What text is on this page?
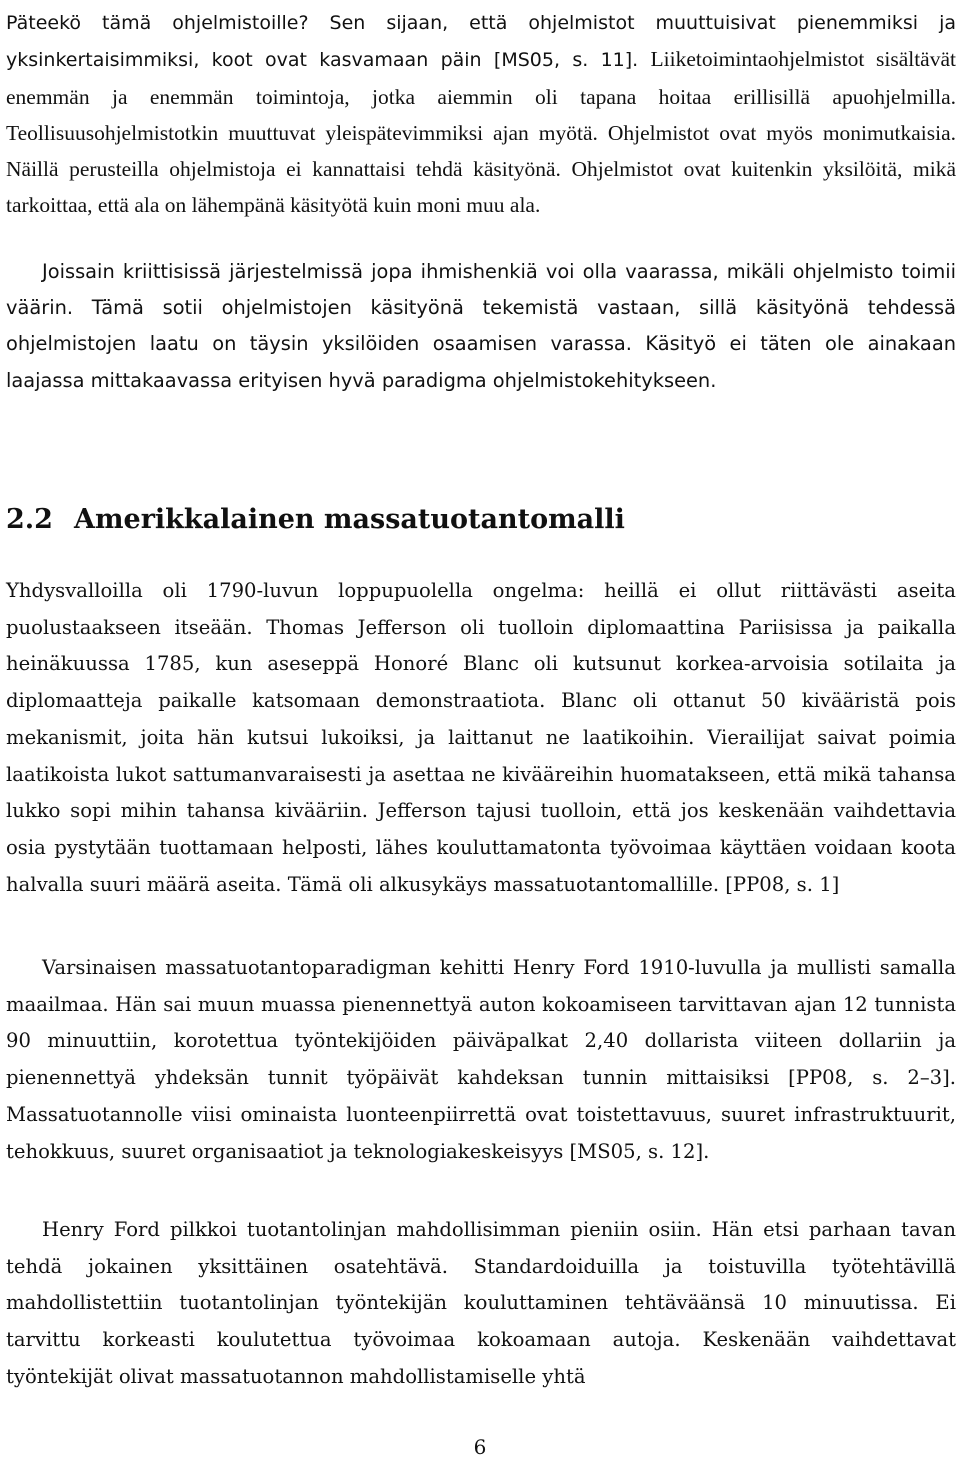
Päteekö tämä ohjelmistoille? Sen sijaan, että ohjelmistot muuttuisivat pienemmiksi ja yksinkertaisimmiksi, koot ovat kasvamaan päin [MS05, s. 11]. Liiketoimintaohjelmistot sisältävät enemmän ja enemmän toimintoja, jotka aiemmin oli tapana hoitaa erillisillä apuohjelmilla. Teollisuusohjelmistotkin muuttuvat yleispätevimmiksi ajan myötä. Ohjelmistot ovat myös monimutkaisia. Näillä perusteilla ohjelmistoja ei kannattaisi tehdä käsityönä. Ohjelmistot ovat kuitenkin yksilöitä, mikä tarkoittaa, että ala on lähempänä käsityötä kuin moni muu ala.

Joissain kriittisissä järjestelmissä jopa ihmishenkiä voi olla vaarassa, mikäli ohjelmisto toimii väärin. Tämä sotii ohjelmistojen käsityönä tekemistä vastaan, sillä käsityönä tehdessä ohjelmistojen laatu on täysin yksilöiden osaamisen varassa. Käsityö ei täten ole ainakaan laajassa mittakaavassa erityisen hyvä paradigma ohjelmistokehitykseen.

2.2 Amerikkalainen massatuotantomalli

Yhdysvalloilla oli 1790-luvun loppupuolella ongelma: heillä ei ollut riittävästi aseita puolustaakseen itseään. Thomas Jefferson oli tuolloin diplomaattina Pariisissa ja paikalla heinäkuussa 1785, kun aseseppä Honoré Blanc oli kutsunut korkea-arvoisia sotilaita ja diplomaatteja paikalle katsomaan demonstraatiota. Blanc oli ottanut 50 kivääristä pois mekanismit, joita hän kutsui lukoiksi, ja laittanut ne laatikoihin. Vierailijat saivat poimia laatikoista lukot sattumanvaraisesti ja asettaa ne kivääreihin huomatakseen, että mikä tahansa lukko sopi mihin tahansa kivääriin. Jefferson tajusi tuolloin, että jos keskenään vaihdettavia osia pystytään tuottamaan helposti, lähes kouluttamatonta työvoimaa käyttäen voidaan koota halvalla suuri määrä aseita. Tämä oli alkusykäys massatuotantomallille. [PP08, s. 1]

Varsinaisen massatuotantoparadigman kehitti Henry Ford 1910-luvulla ja mullisti samalla maailmaa. Hän sai muun muassa pienennettyä auton kokoamiseen tarvittavan ajan 12 tunnista 90 minuuttiin, korotettua työntekijöiden päiväpalkat 2,40 dollarista viiteen dollariin ja pienennettyä yhdeksän tunnit työpäivät kahdeksan tunnin mittaisiksi [PP08, s. 2–3]. Massatuotannolle viisi ominaista luonteenpiirrettä ovat toistettavuus, suuret infrastruktuurit, tehokkuus, suuret organisaatiot ja teknologiakeskeisyys [MS05, s. 12].

Henry Ford pilkkoi tuotantolinjan mahdollisimman pieniin osiin. Hän etsi parhaan tavan tehdä jokainen yksittäinen osatehtävä. Standardoiduilla ja toistuvilla työtehtävillä mahdollistettiin tuotantolinjan työntekijän kouluttaminen tehtäväänsä 10 minuutissa. Ei tarvittu korkeasti koulutettua työvoimaa kokoamaan autoja. Keskenään vaihdettavat työntekijät olivat massatuotannon mahdollistamiselle yhtä

6
